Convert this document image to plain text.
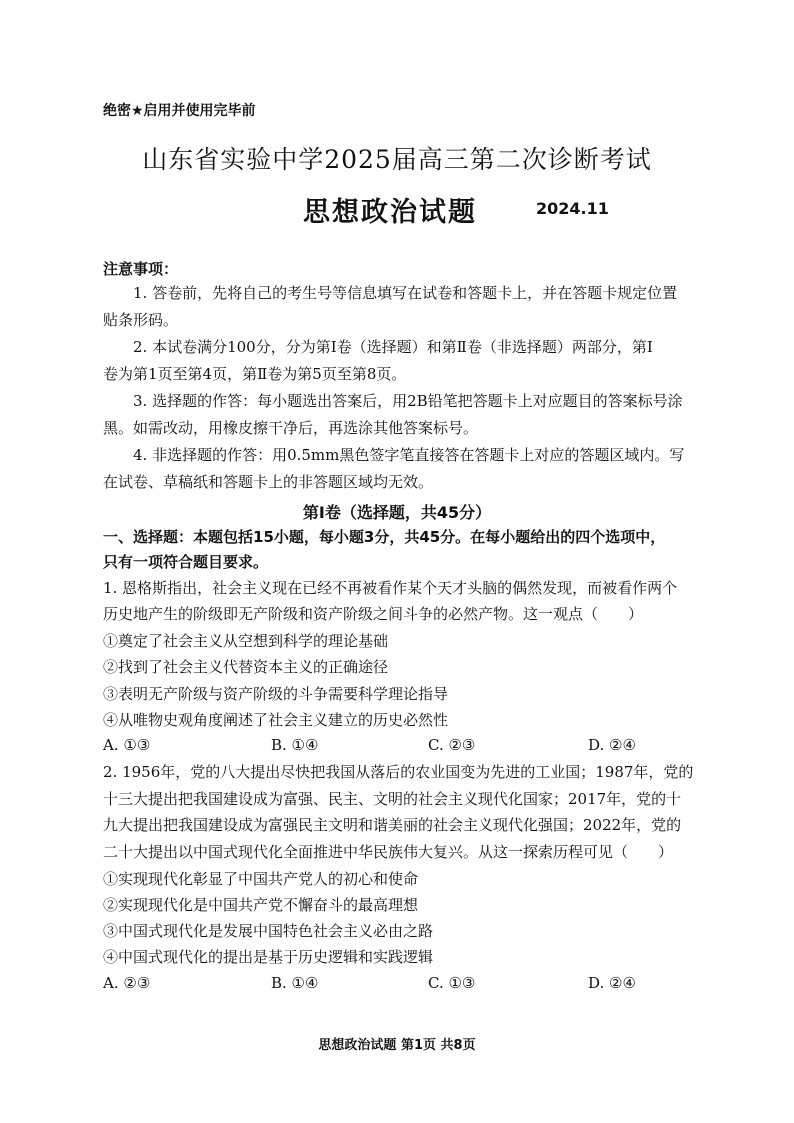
绝密★启用并使用完毕前
山东省实验中学2025届高三第二次诊断考试
思想政治试题	2024.11
注意事项：
1. 答卷前，先将自己的考生号等信息填写在试卷和答题卡上，并在答题卡规定位置
贴条形码。
2. 本试卷满分100分，分为第Ⅰ卷（选择题）和第Ⅱ卷（非选择题）两部分，第Ⅰ
卷为第1页至第4页，第Ⅱ卷为第5页至第8页。
3. 选择题的作答：每小题选出答案后，用2B铅笔把答题卡上对应题目的答案标号涂
黑。如需改动，用橡皮擦干净后，再选涂其他答案标号。
4. 非选择题的作答：用0.5mm黑色签字笔直接答在答题卡上对应的答题区域内。写
在试卷、草稿纸和答题卡上的非答题区域均无效。
第Ⅰ卷（选择题，共45分）
一、选择题：本题包括15小题，每小题3分，共45分。在每小题给出的四个选项中，
只有一项符合题目要求。
1. 恩格斯指出，社会主义现在已经不再被看作某个天才头脑的偶然发现，而被看作两个
历史地产生的阶级即无产阶级和资产阶级之间斗争的必然产物。这一观点（　　）
①奠定了社会主义从空想到科学的理论基础
②找到了社会主义代替资本主义的正确途径
③表明无产阶级与资产阶级的斗争需要科学理论指导
④从唯物史观角度阐述了社会主义建立的历史必然性
A. ①③	B. ①④	C. ②③	D. ②④
2. 1956年，党的八大提出尽快把我国从落后的农业国变为先进的工业国；1987年，党的
十三大提出把我国建设成为富强、民主、文明的社会主义现代化国家；2017年，党的十
九大提出把我国建设成为富强民主文明和谐美丽的社会主义现代化强国；2022年，党的
二十大提出以中国式现代化全面推进中华民族伟大复兴。从这一探索历程可见（　　）
①实现现代化彰显了中国共产党人的初心和使命
②实现现代化是中国共产党不懈奋斗的最高理想
③中国式现代化是发展中国特色社会主义必由之路
④中国式现代化的提出是基于历史逻辑和实践逻辑
A. ②③	B. ①④	C. ①③	D. ②④
思想政治试题 第1页 共8页
